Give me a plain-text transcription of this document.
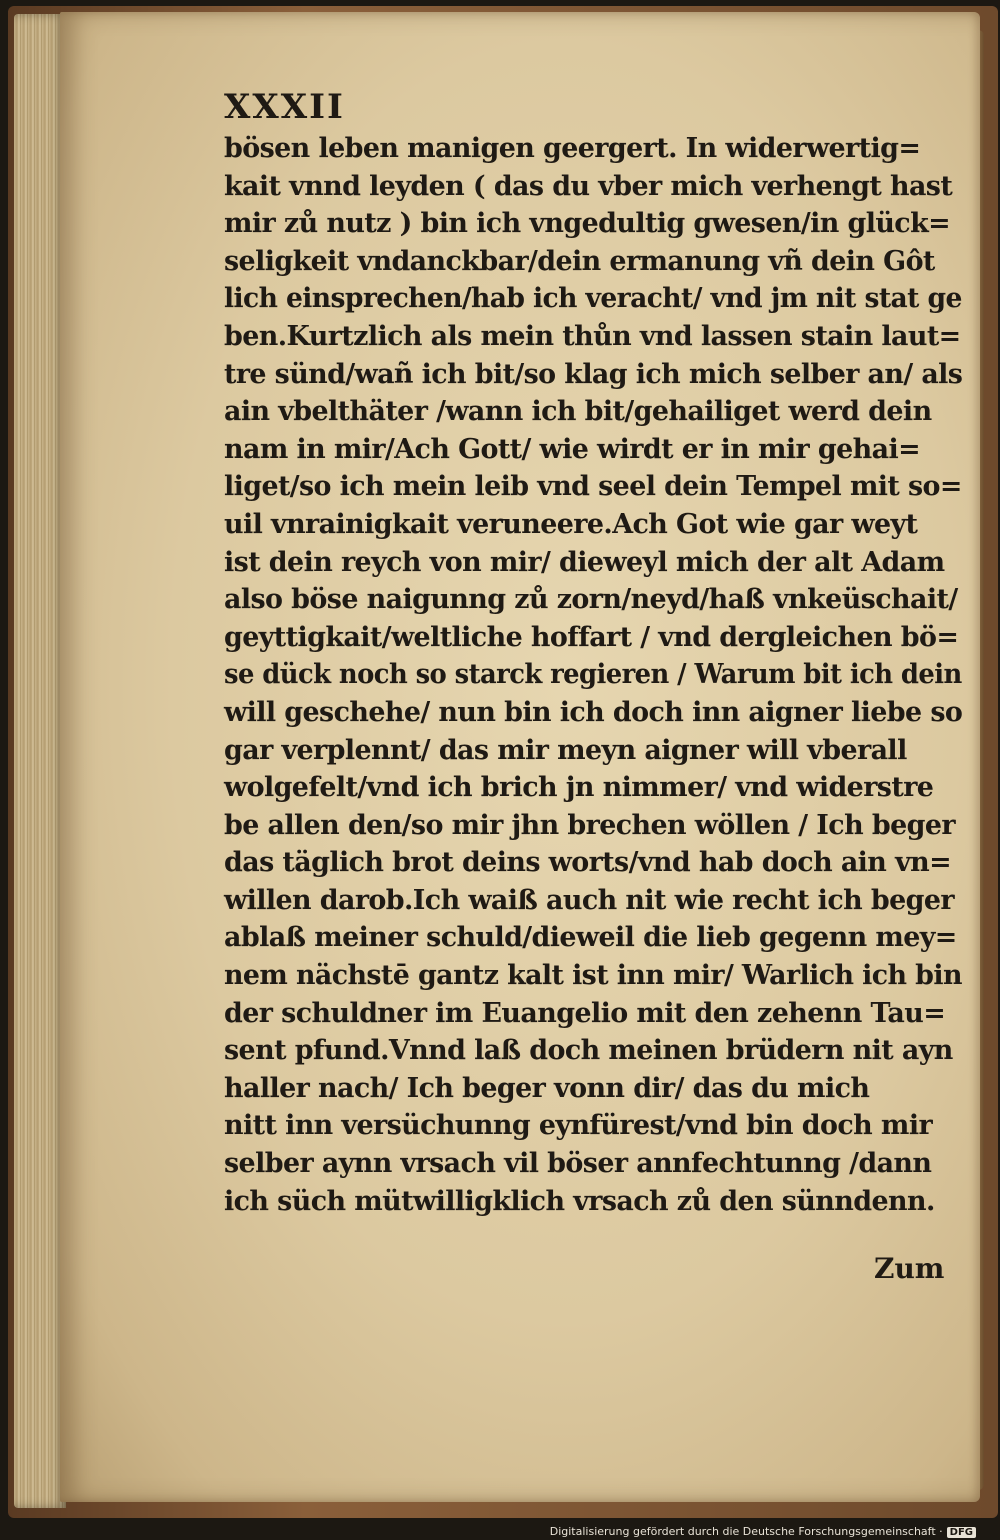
XXXII
bösen leben manigen geergert. In widerwertig=
kait vnnd leyden ( das du vber mich verhengt hast
mir zů nutz ) bin ich vngedultig gwesen/in glück=
seligkeit vndanckbar/dein ermanung vñ dein Gôt
lich einsprechen/hab ich veracht/ vnd jm nit stat ge
ben.Kurtzlich als mein thůn vnd lassen stain laut=
tre sünd/wañ ich bit/so klag ich mich selber an/ als
ain vbelthäter /wann ich bit/gehailiget werd dein
nam in mir/Ach Gott/ wie wirdt er in mir gehai=
liget/so ich mein leib vnd seel dein Tempel mit so=
uil vnrainigkait veruneere.Ach Got wie gar weyt
ist dein reych von mir/ dieweyl mich der alt Adam
also böse naigunng zů zorn/neyd/haß vnkeüschait/
geyttigkait/weltliche hoffart / vnd dergleichen bö=
se dück noch so starck regieren / Warum bit ich dein
will geschehe/ nun bin ich doch inn aigner liebe so
gar verplennt/ das mir meyn aigner will vberall
wolgefelt/vnd ich brich jn nimmer/ vnd widerstre
be allen den/so mir jhn brechen wöllen / Ich beger
das täglich brot deins worts/vnd hab doch ain vn=
willen darob.Ich waiß auch nit wie recht ich beger
ablaß meiner schuld/dieweil die lieb gegenn mey=
nem nächstē gantz kalt ist inn mir/ Warlich ich bin
der schuldner im Euangelio mit den zehenn Tau=
sent pfund.Vnnd laß doch meinen brüdern nit ayn
haller nach/ Ich beger vonn dir/ das du mich
nitt inn versüchunng eynfürest/vnd bin doch mir
selber aynn vrsach vil böser annfechtunng /dann
ich süch mütwilligklich vrsach zů den sünndenn.
Zum
Digitalisierung gefördert durch die Deutsche Forschungsgemeinschaft · DFG
